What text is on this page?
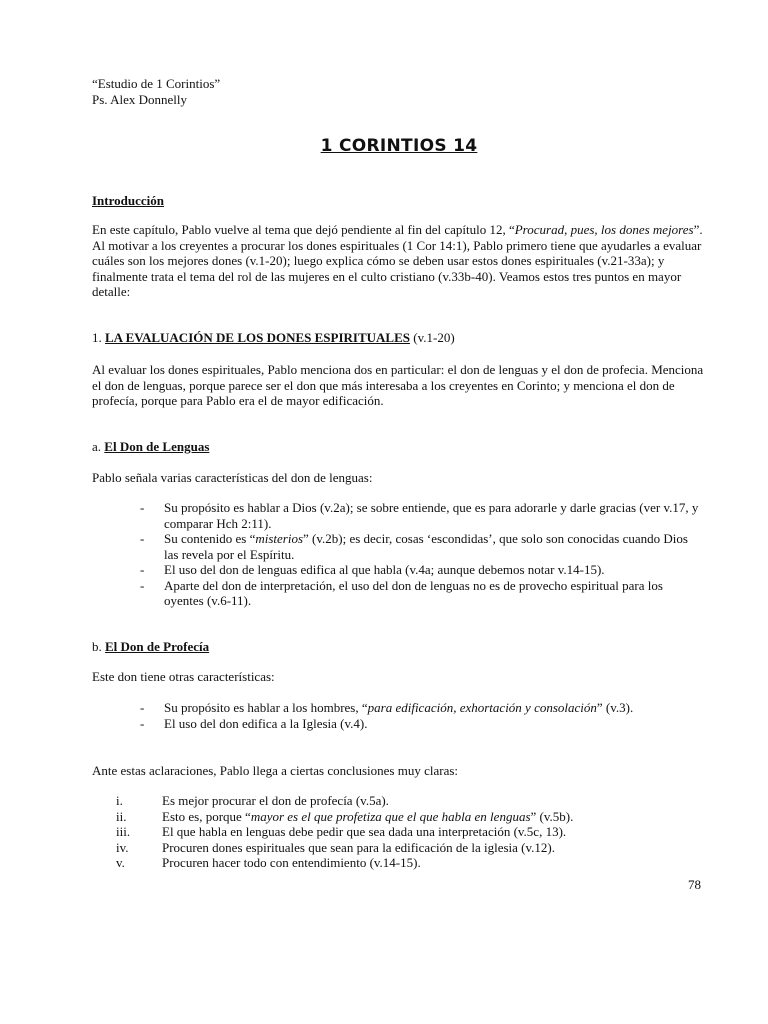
“Estudio de 1 Corintios”
Ps. Alex Donnelly
1 CORINTIOS 14
Introducción
En este capítulo, Pablo vuelve al tema que dejó pendiente al fin del capítulo 12, “Procurad, pues, los dones mejores”. Al motivar a los creyentes a procurar los dones espirituales (1 Cor 14:1), Pablo primero tiene que ayudarles a evaluar cuáles son los mejores dones (v.1-20); luego explica cómo se deben usar estos dones espirituales (v.21-33a); y finalmente trata el tema del rol de las mujeres en el culto cristiano (v.33b-40). Veamos estos tres puntos en mayor detalle:
1. LA EVALUACIÓN DE LOS DONES ESPIRITUALES (v.1-20)
Al evaluar los dones espirituales, Pablo menciona dos en particular: el don de lenguas y el don de profecia. Menciona el don de lenguas, porque parece ser el don que más interesaba a los creyentes en Corinto; y menciona el don de profecía, porque para Pablo era el de mayor edificación.
a. El Don de Lenguas
Pablo señala varias características del don de lenguas:
- Su propósito es hablar a Dios (v.2a); se sobre entiende, que es para adorarle y darle gracias (ver v.17, y comparar Hch 2:11).
- Su contenido es “misterios” (v.2b); es decir, cosas ‘escondidas’, que solo son conocidas cuando Dios las revela por el Espíritu.
- El uso del don de lenguas edifica al que habla (v.4a; aunque debemos notar v.14-15).
- Aparte del don de interpretación, el uso del don de lenguas no es de provecho espiritual para los oyentes (v.6-11).
b. El Don de Profecía
Este don tiene otras características:
- Su propósito es hablar a los hombres, “para edificación, exhortación y consolación” (v.3).
- El uso del don edifica a la Iglesia (v.4).
Ante estas aclaraciones, Pablo llega a ciertas conclusiones muy claras:
i.	Es mejor procurar el don de profecía (v.5a).
ii.	Esto es, porque “mayor es el que profetiza que el que habla en lenguas” (v.5b).
iii. El que habla en lenguas debe pedir que sea dada una interpretación (v.5c, 13).
iv.	Procuren dones espirituales que sean para la edificación de la iglesia (v.12).
v.	Procuren hacer todo con entendimiento (v.14-15).
78
